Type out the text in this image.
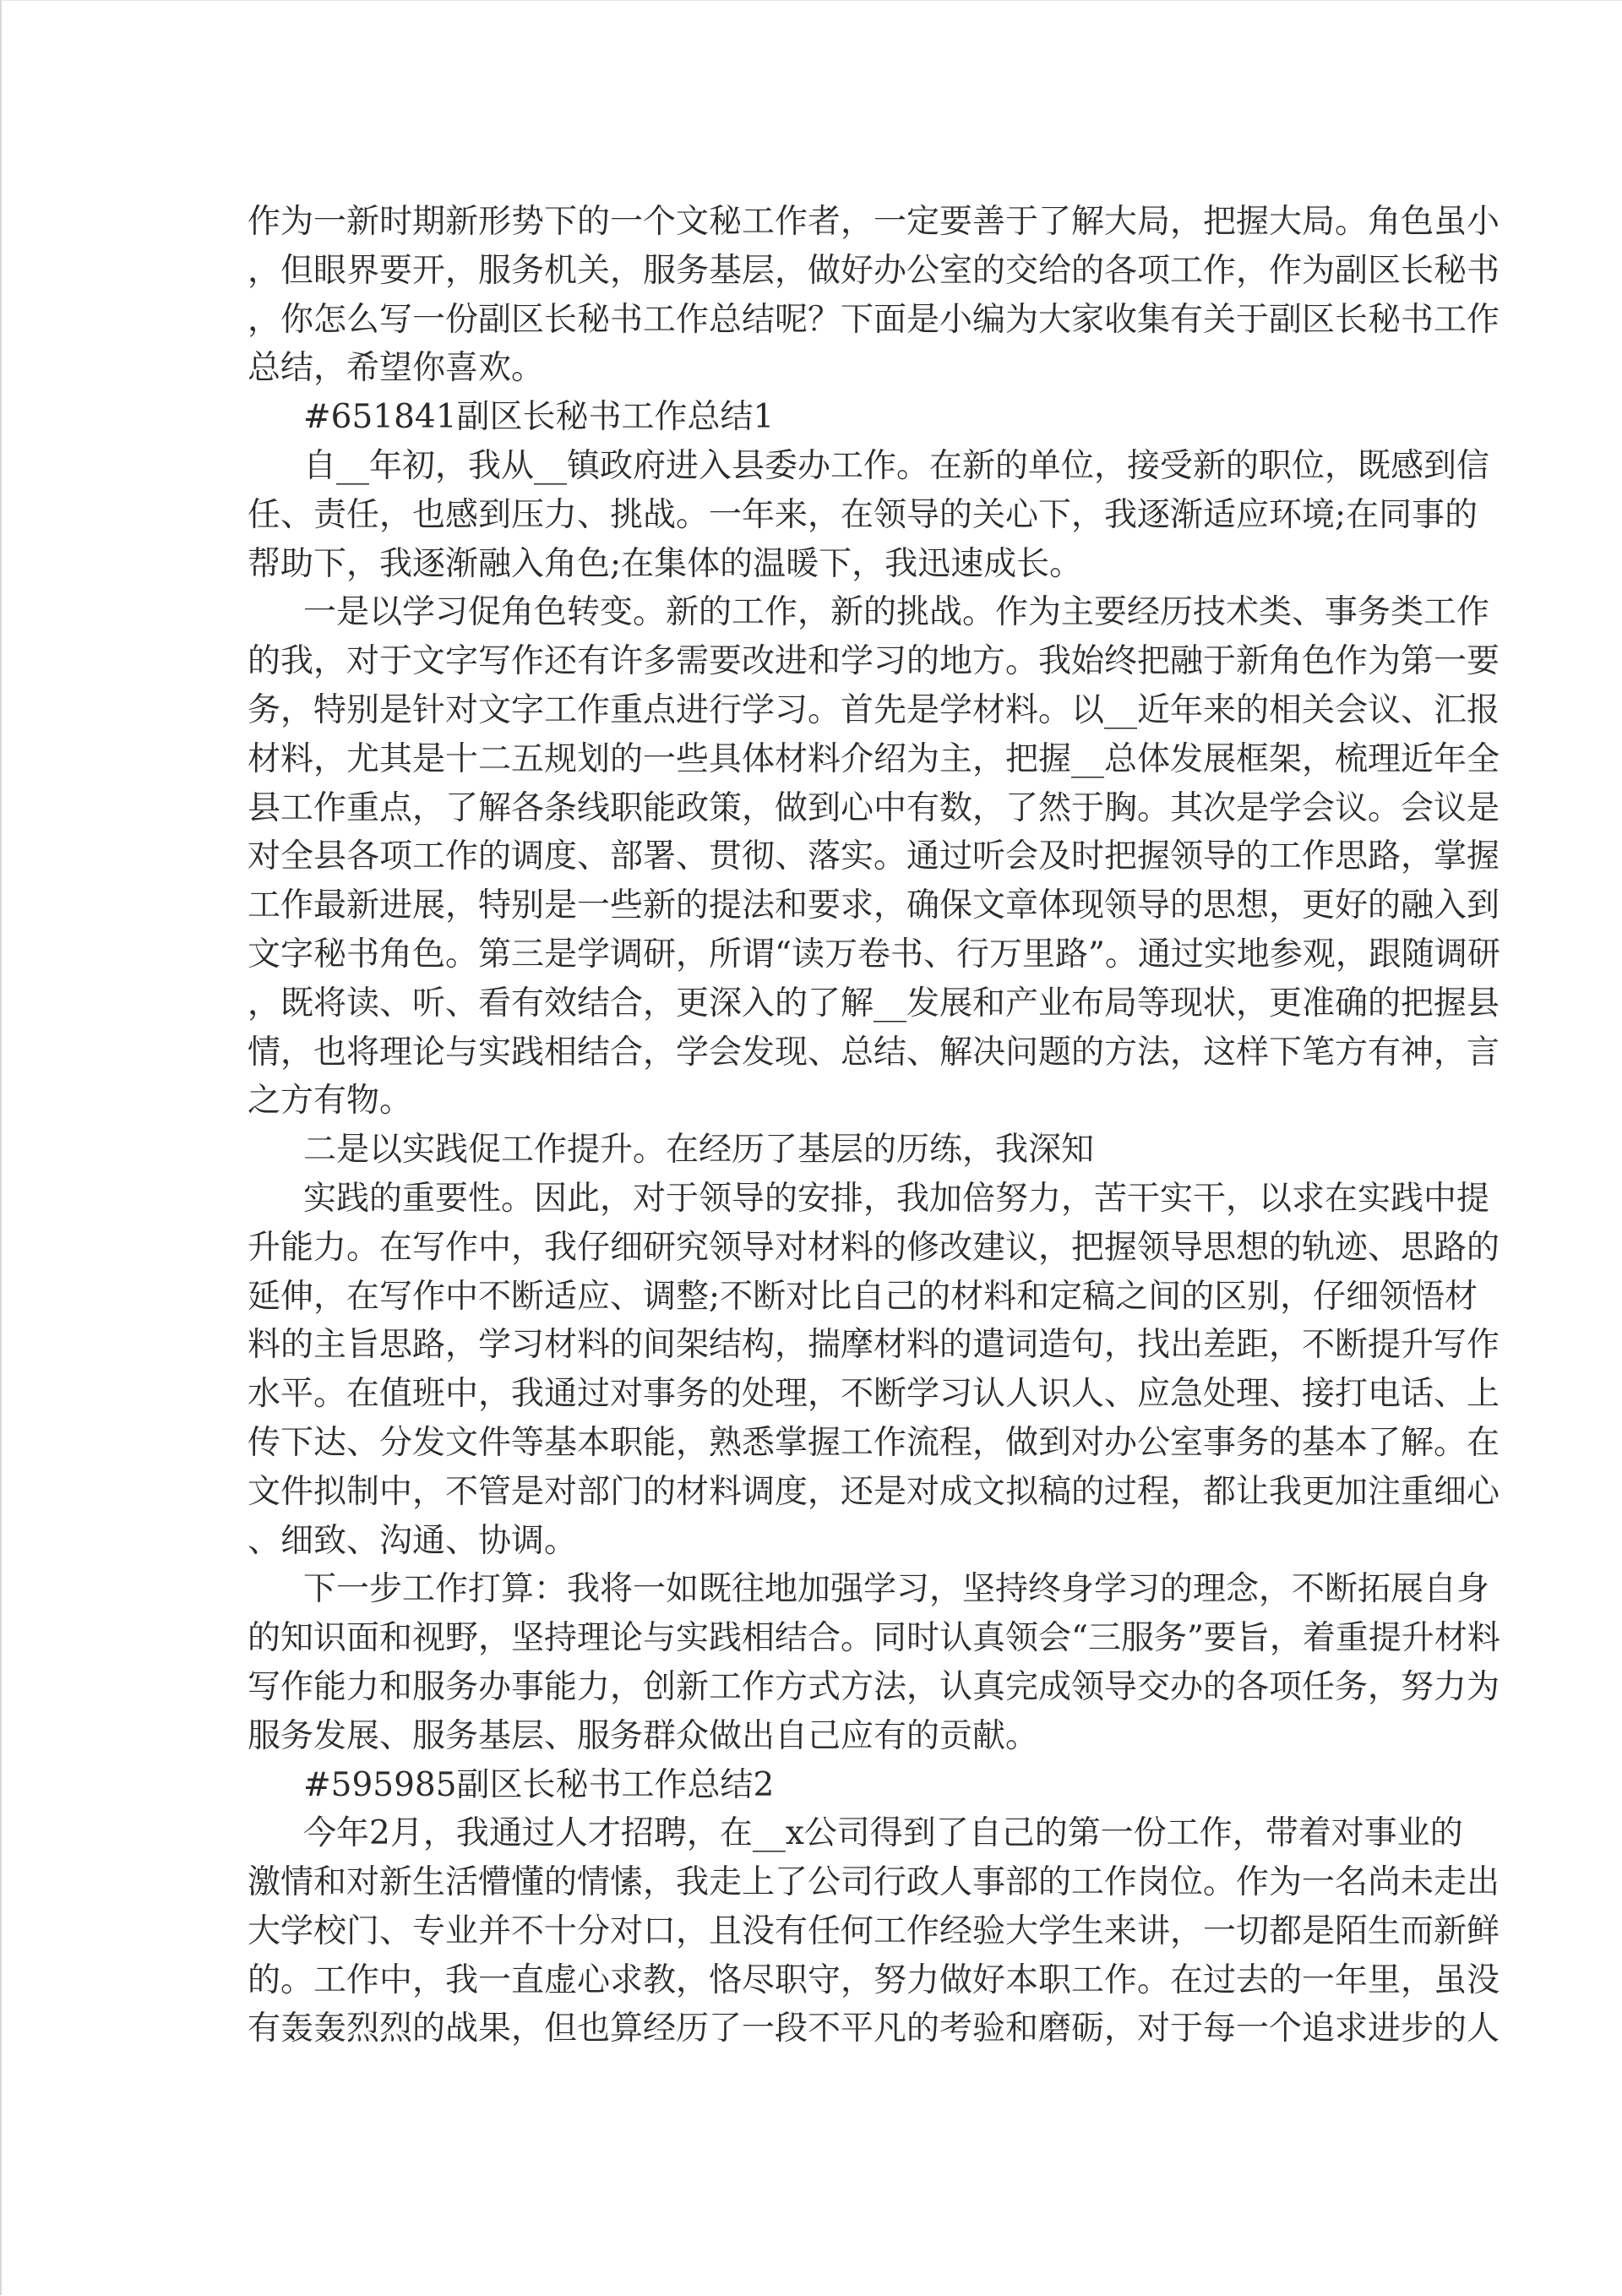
作为一新时期新形势下的一个文秘工作者，一定要善于了解大局，把握大局。角色虽小
，但眼界要开，服务机关，服务基层，做好办公室的交给的各项工作，作为副区长秘书
，你怎么写一份副区长秘书工作总结呢？下面是小编为大家收集有关于副区长秘书工作
总结，希望你喜欢。
#651841副区长秘书工作总结1
自__年初，我从__镇政府进入县委办工作。在新的单位，接受新的职位，既感到信
任、责任，也感到压力、挑战。一年来，在领导的关心下，我逐渐适应环境;在同事的
帮助下，我逐渐融入角色;在集体的温暖下，我迅速成长。
一是以学习促角色转变。新的工作，新的挑战。作为主要经历技术类、事务类工作
的我，对于文字写作还有许多需要改进和学习的地方。我始终把融于新角色作为第一要
务，特别是针对文字工作重点进行学习。首先是学材料。以__近年来的相关会议、汇报
材料，尤其是十二五规划的一些具体材料介绍为主，把握__总体发展框架，梳理近年全
县工作重点，了解各条线职能政策，做到心中有数，了然于胸。其次是学会议。会议是
对全县各项工作的调度、部署、贯彻、落实。通过听会及时把握领导的工作思路，掌握
工作最新进展，特别是一些新的提法和要求，确保文章体现领导的思想，更好的融入到
文字秘书角色。第三是学调研，所谓“读万卷书、行万里路”。通过实地参观，跟随调研
，既将读、听、看有效结合，更深入的了解__发展和产业布局等现状，更准确的把握县
情，也将理论与实践相结合，学会发现、总结、解决问题的方法，这样下笔方有神，言
之方有物。
二是以实践促工作提升。在经历了基层的历练，我深知
实践的重要性。因此，对于领导的安排，我加倍努力，苦干实干，以求在实践中提
升能力。在写作中，我仔细研究领导对材料的修改建议，把握领导思想的轨迹、思路的
延伸，在写作中不断适应、调整;不断对比自己的材料和定稿之间的区别，仔细领悟材
料的主旨思路，学习材料的间架结构，揣摩材料的遣词造句，找出差距，不断提升写作
水平。在值班中，我通过对事务的处理，不断学习认人识人、应急处理、接打电话、上
传下达、分发文件等基本职能，熟悉掌握工作流程，做到对办公室事务的基本了解。在
文件拟制中，不管是对部门的材料调度，还是对成文拟稿的过程，都让我更加注重细心
、细致、沟通、协调。
下一步工作打算：我将一如既往地加强学习，坚持终身学习的理念，不断拓展自身
的知识面和视野，坚持理论与实践相结合。同时认真领会“三服务”要旨，着重提升材料
写作能力和服务办事能力，创新工作方式方法，认真完成领导交办的各项任务，努力为
服务发展、服务基层、服务群众做出自己应有的贡献。
#595985副区长秘书工作总结2
今年2月，我通过人才招聘，在__x公司得到了自己的第一份工作，带着对事业的
激情和对新生活懵懂的情愫，我走上了公司行政人事部的工作岗位。作为一名尚未走出
大学校门、专业并不十分对口，且没有任何工作经验大学生来讲，一切都是陌生而新鲜
的。工作中，我一直虚心求教，恪尽职守，努力做好本职工作。在过去的一年里，虽没
有轰轰烈烈的战果，但也算经历了一段不平凡的考验和磨砺，对于每一个追求进步的人
